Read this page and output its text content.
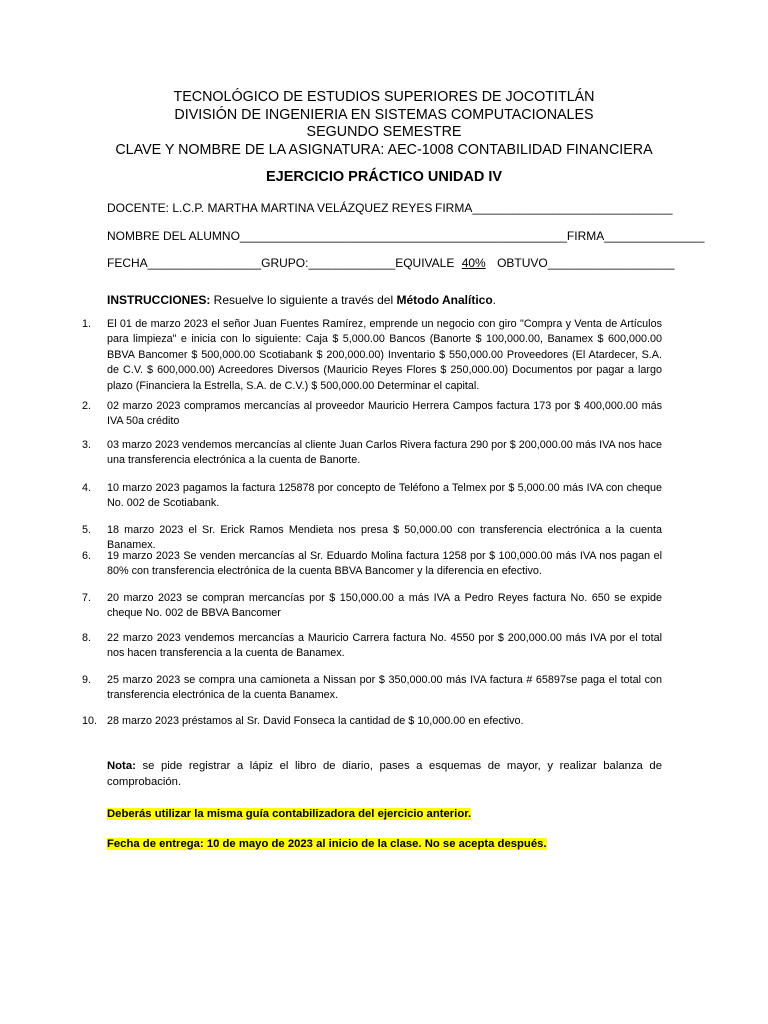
TECNOLÓGICO DE ESTUDIOS SUPERIORES DE JOCOTITLÁN
DIVISIÓN DE INGENIERIA EN SISTEMAS COMPUTACIONALES
SEGUNDO SEMESTRE
CLAVE Y NOMBRE DE LA ASIGNATURA: AEC-1008 CONTABILIDAD FINANCIERA
EJERCICIO PRÁCTICO UNIDAD IV
DOCENTE: L.C.P. MARTHA MARTINA VELÁZQUEZ REYES FIRMA______________________________
NOMBRE DEL ALUMNO_________________________________________________FIRMA_______________
FECHA_________________GRUPO:_____________EQUIVALE 40% OBTUVO___________________
INSTRUCCIONES: Resuelve lo siguiente a través del Método Analítico.
1. El 01 de marzo 2023 el señor Juan Fuentes Ramírez, emprende un negocio con giro "Compra y Venta de Artículos para limpieza" e inicia con lo siguiente: Caja $ 5,000.00 Bancos (Banorte $ 100,000.00, Banamex $ 600,000.00 BBVA Bancomer $ 500,000.00 Scotiabank $ 200,000.00) Inventario $ 550,000.00 Proveedores (El Atardecer, S.A. de C.V. $ 600,000.00) Acreedores Diversos (Mauricio Reyes Flores $ 250,000.00) Documentos por pagar a largo plazo (Financiera la Estrella, S.A. de C.V.) $ 500,000.00 Determinar el capital.
2. 02 marzo 2023 compramos mercancías al proveedor Mauricio Herrera Campos factura 173 por $ 400,000.00 más IVA 50a crédito
3. 03 marzo 2023 vendemos mercancías al cliente Juan Carlos Rivera factura 290 por $ 200,000.00 más IVA nos hace una transferencia electrónica a la cuenta de Banorte.
4. 10 marzo 2023 pagamos la factura 125878 por concepto de Teléfono a Telmex por $ 5,000.00 más IVA con cheque No. 002 de Scotiabank.
5. 18 marzo 2023 el Sr. Erick Ramos Mendieta nos presa $ 50,000.00 con transferencia electrónica a la cuenta Banamex.
6. 19 marzo 2023 Se venden mercancías al Sr. Eduardo Molina factura 1258 por $ 100,000.00 más IVA nos pagan el 80% con transferencia electrónica de la cuenta BBVA Bancomer y la diferencia en efectivo.
7. 20 marzo 2023 se compran mercancías por $ 150,000.00 a más IVA a Pedro Reyes factura No. 650 se expide cheque No. 002 de BBVA Bancomer
8. 22 marzo 2023 vendemos mercancías a Mauricio Carrera factura No. 4550 por $ 200,000.00 más IVA por el total nos hacen transferencia a la cuenta de Banamex.
9. 25 marzo 2023 se compra una camioneta a Nissan por $ 350,000.00 más IVA factura # 65897se paga el total con transferencia electrónica de la cuenta Banamex.
10. 28 marzo 2023 préstamos al Sr. David Fonseca la cantidad de $ 10,000.00 en efectivo.
Nota: se pide registrar a lápiz el libro de diario, pases a esquemas de mayor, y realizar balanza de comprobación.
Deberás utilizar la misma guía contabilizadora del ejercicio anterior.
Fecha de entrega: 10 de mayo de 2023 al inicio de la clase. No se acepta después.
